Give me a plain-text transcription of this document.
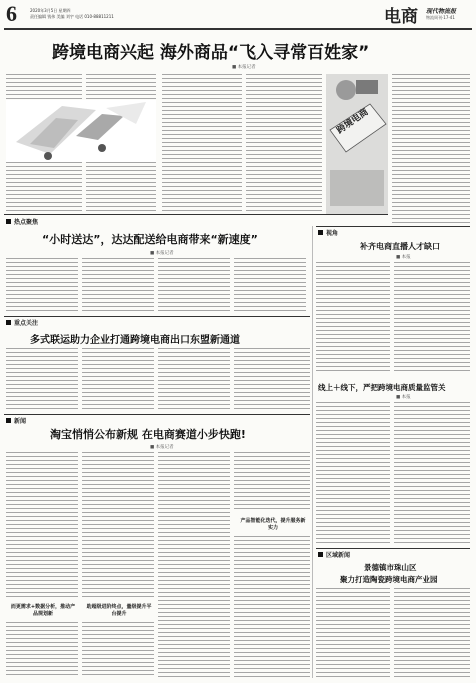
6	2020年3月5日 星期四
责任编辑 钱伟 美编 刘宇 电话 010-88811211	电商 现代物流报
物流周刊·17-41
跨境电商兴起 海外商品“飞入寻常百姓家”
■ 本报记者
跨境电商
热点聚焦
“小时送达”，达达配送给电商带来“新速度”
■ 本报记者
视角
补齐电商直播人才缺口
■ 本报
重点关注
多式联运助力企业打通跨境电商出口东盟新通道
线上＋线下，严把跨境电商质量监管关
■ 本报
新闻
淘宝悄悄公布新规 在电商赛道小步快跑!
■ 本报记者
产品智能化迭代，提升服务新实力
而更需求+数据分析，推动产品规划新
助超级进阶终点，量级提升平台提升
区域新闻
景德镇市珠山区
聚力打造陶瓷跨境电商产业园
